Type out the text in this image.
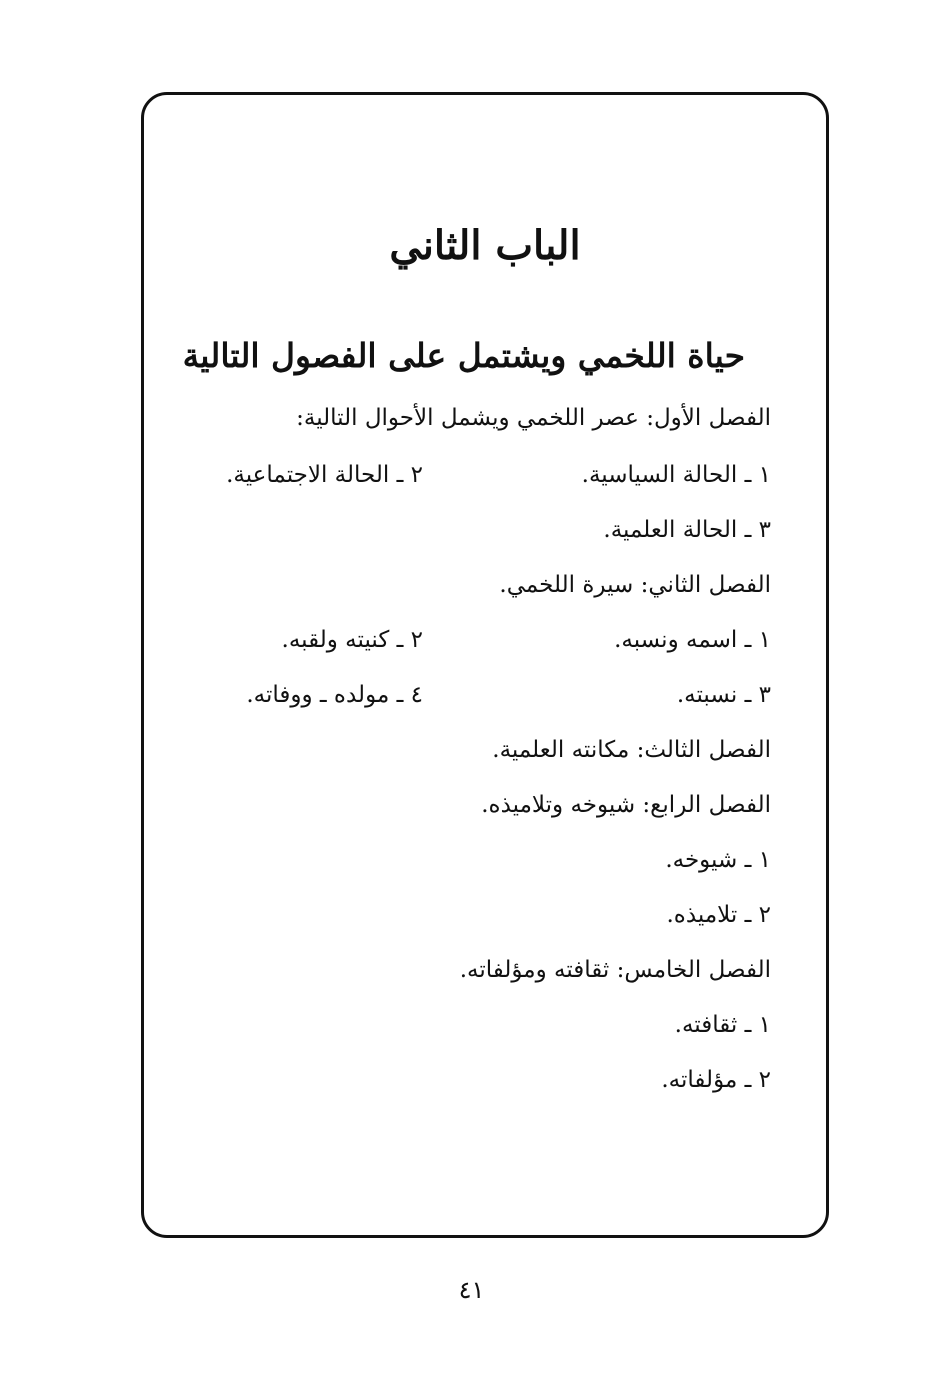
الباب الثاني
حياة اللخمي ويشتمل على الفصول التالية
الفصل الأول: عصر اللخمي ويشمل الأحوال التالية:
١ ـ الحالة السياسية.
٢ ـ الحالة الاجتماعية.
٣ ـ الحالة العلمية.
الفصل الثاني: سيرة اللخمي.
١ ـ اسمه ونسبه.
٢ ـ كنيته ولقبه.
٣ ـ نسبته.
٤ ـ مولده ـ ووفاته.
الفصل الثالث: مكانته العلمية.
الفصل الرابع: شيوخه وتلاميذه.
١ ـ شيوخه.
٢ ـ تلاميذه.
الفصل الخامس: ثقافته ومؤلفاته.
١ ـ ثقافته.
٢ ـ مؤلفاته.
٤١
